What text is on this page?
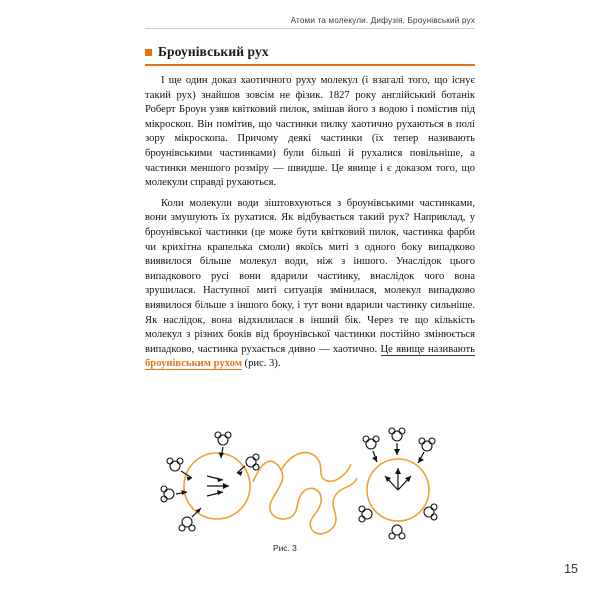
Атоми та молекули. Дифузія. Броунівський рух
Броунівський рух

І ще один доказ хаотичного руху молекул (і взагалі того, що існує такий рух) знайшов зовсім не фізик. 1827 року англійський ботанік Роберт Броун узяв квітковий пилок, змішав його з водою і помістив під мікроскоп. Він помітив, що частинки пилку хаотично рухаються в полі зору мікроскопа. Причому деякі частинки (їх тепер називають броунівськими частинками) були більші й рухалися повільніше, а частинки меншого розміру — швидше. Це явище і є доказом того, що молекули справді рухаються.

Коли молекули води зіштовхуються з броунівськими частинками, вони змушують їх рухатися. Як відбувається такий рух? Наприклад, у броунівської частинки (це може бути квітковий пилок, частинка фарби чи крихітна крапелька смоли) якоїсь миті з одного боку випадково виявилося більше молекул води, ніж з іншого. Унаслідок цього випадкового русі вони вдарили частинку, внаслідок чого вона зрушилася. Наступної миті ситуація змінилася, молекул випадково виявилося більше з іншого боку, і тут вони вдарили частинку сильніше. Як наслідок, вона відхилилася в інший бік. Через те що кількість молекул з різних боків від броунівської частинки постійно змінюється випадково, частинка рухається дивно — хаотично. Це явище називають броунівським рухом (рис. 3).

Рис. 3
15
